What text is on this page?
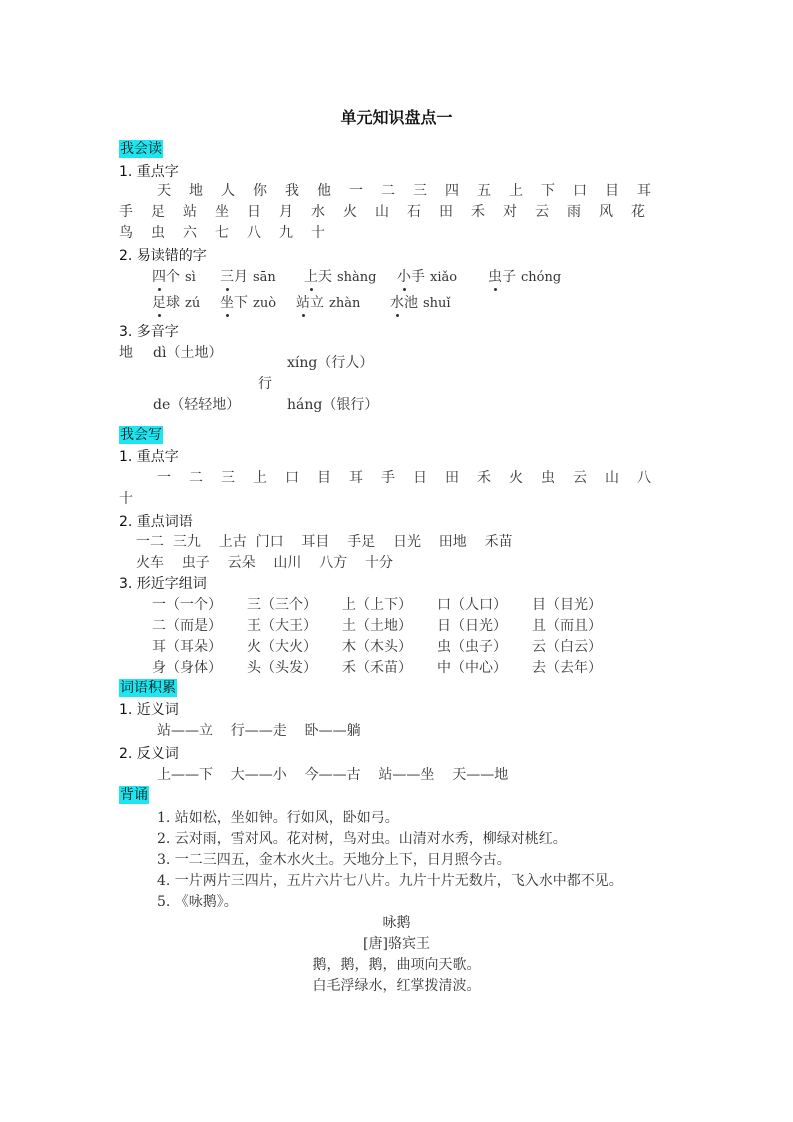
单元知识盘点一
我会读
1. 重点字
天 地 人 你 我 他 一 二 三 四 五 上 下 口 目 耳
手 足 站 坐 日 月 水 火 山 石 田 禾 对 云 雨 风 花
鸟 虫 六 七 八 九 十
2. 易读错的字
四个 sì 三月 sān 上天 shàng 小手 xiǎo 虫子 chóng
足球 zú 坐下 zuò 站立 zhàn 水池 shuǐ
3. 多音字
地 dì（土地）
xíng（行人）
行
de（轻轻地）	háng（银行）
我会写
1. 重点字
一 二 三 上 口 目 耳 手 日 田 禾 火 虫 云 山 八
十
2. 重点词语
一二  三九    上古  门口    耳目    手足    日光    田地    禾苗
火车    虫子    云朵    山川    八方    十分
3. 形近字组词
一（一个） 三（三个） 上（上下） 口（人口） 目（目光）
二（而是） 王（大王） 土（土地） 日（日光） 且（而且）
耳（耳朵） 火（大火） 木（木头） 虫（虫子） 云（白云）
身（身体） 头（头发） 禾（禾苗） 中（中心） 去（去年）
词语积累
1. 近义词
站——立    行——走    卧——躺
2. 反义词
上——下    大——小    今——古    站——坐    天——地
背诵
1. 站如松，坐如钟。行如风，卧如弓。
2. 云对雨，雪对风。花对树，鸟对虫。山清对水秀，柳绿对桃红。
3. 一二三四五，金木水火土。天地分上下，日月照今古。
4. 一片两片三四片，五片六片七八片。九片十片无数片，飞入水中都不见。
5. 《咏鹅》。
咏鹅
[唐]骆宾王
鹅，鹅，鹅，曲项向天歌。
白毛浮绿水，红掌拨清波。
